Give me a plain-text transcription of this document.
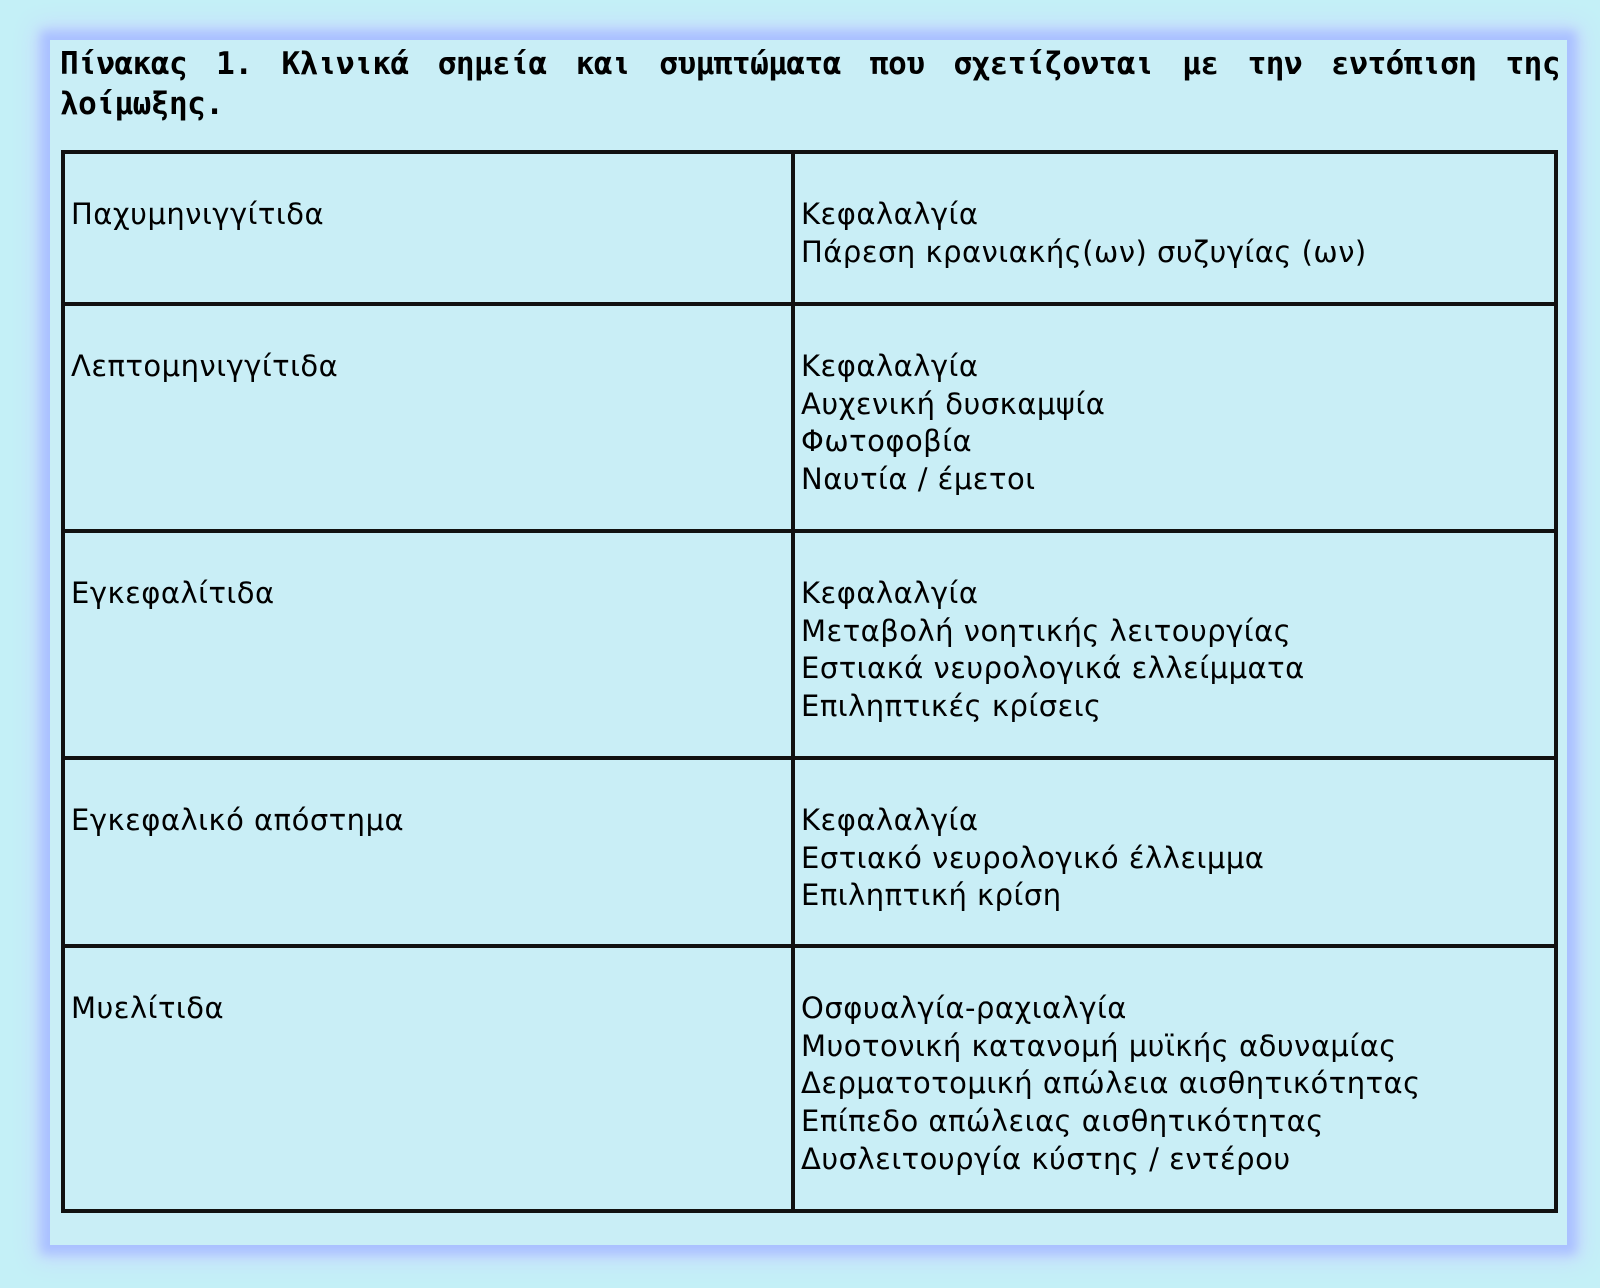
Πίνακας 1. Κλινικά σημεία και συμπτώματα που σχετίζονται με την εντόπιση της λοίμωξης.

Παχυμηνιγγίτιδα	Κεφαλαλγία
Πάρεση κρανιακής(ων) συζυγίας (ων)

Λεπτομηνιγγίτιδα	Κεφαλαλγία
Αυχενική δυσκαμψία
Φωτοφοβία
Ναυτία / έμετοι

Εγκεφαλίτιδα	Κεφαλαλγία
Μεταβολή νοητικής λειτουργίας
Εστιακά νευρολογικά ελλείμματα
Επιληπτικές κρίσεις

Εγκεφαλικό απόστημα	Κεφαλαλγία
Εστιακό νευρολογικό έλλειμμα
Επιληπτική κρίση

Μυελίτιδα	Οσφυαλγία-ραχιαλγία
Μυοτονική κατανομή μυϊκής αδυναμίας
Δερματοτομική απώλεια αισθητικότητας
Επίπεδο απώλειας αισθητικότητας
Δυσλειτουργία κύστης / εντέρου
